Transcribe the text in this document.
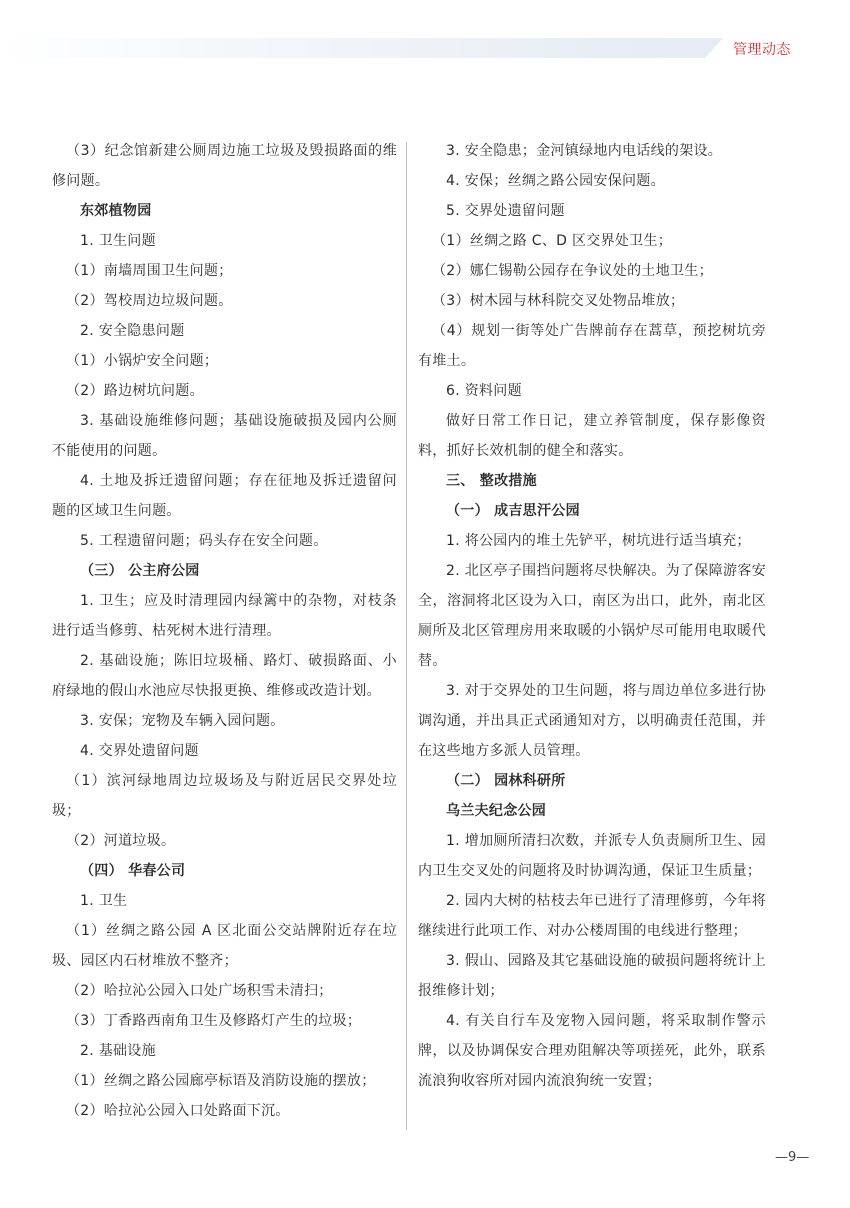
管理动态

（3）纪念馆新建公厕周边施工垃圾及毁损路面的维修问题。

东郊植物园

1. 卫生问题

（1）南墙周围卫生问题；

（2）驾校周边垃圾问题。

2. 安全隐患问题

（1）小锅炉安全问题；

（2）路边树坑问题。

3. 基础设施维修问题；基础设施破损及园内公厕不能使用的问题。

4. 土地及拆迁遗留问题；存在征地及拆迁遗留问题的区域卫生问题。

5. 工程遗留问题；码头存在安全问题。

（三） 公主府公园

1. 卫生；应及时清理园内绿篱中的杂物，对枝条进行适当修剪、枯死树木进行清理。

2. 基础设施；陈旧垃圾桶、路灯、破损路面、小府绿地的假山水池应尽快报更换、维修或改造计划。

3. 安保；宠物及车辆入园问题。

4. 交界处遗留问题

（1）滨河绿地周边垃圾场及与附近居民交界处垃圾；

（2）河道垃圾。

（四） 华春公司

1. 卫生

（1）丝绸之路公园 A 区北面公交站牌附近存在垃圾、园区内石材堆放不整齐；

（2）哈拉沁公园入口处广场积雪未清扫；

（3）丁香路西南角卫生及修路灯产生的垃圾；

2. 基础设施

（1）丝绸之路公园廊亭标语及消防设施的摆放；

（2）哈拉沁公园入口处路面下沉。

3. 安全隐患；金河镇绿地内电话线的架设。

4. 安保；丝绸之路公园安保问题。

5. 交界处遗留问题

（1）丝绸之路 C、D 区交界处卫生；

（2）娜仁锡勒公园存在争议处的土地卫生；

（3）树木园与林科院交叉处物品堆放；

（4）规划一街等处广告牌前存在蒿草，预挖树坑旁有堆土。

6. 资料问题

做好日常工作日记，建立养管制度，保存影像资料，抓好长效机制的健全和落实。

三、 整改措施

（一） 成吉思汗公园

1. 将公园内的堆土先铲平，树坑进行适当填充；

2. 北区亭子围挡问题将尽快解决。为了保障游客安全，溶洞将北区设为入口，南区为出口，此外，南北区厕所及北区管理房用来取暖的小锅炉尽可能用电取暖代替。

3. 对于交界处的卫生问题，将与周边单位多进行协调沟通，并出具正式函通知对方，以明确责任范围，并在这些地方多派人员管理。

（二） 园林科研所

乌兰夫纪念公园

1. 增加厕所清扫次数，并派专人负责厕所卫生、园内卫生交叉处的问题将及时协调沟通，保证卫生质量；

2. 园内大树的枯枝去年已进行了清理修剪，今年将继续进行此项工作、对办公楼周围的电线进行整理；

3. 假山、园路及其它基础设施的破损问题将统计上报维修计划；

4. 有关自行车及宠物入园问题，将采取制作警示牌，以及协调保安合理劝阻解决等项搓死，此外，联系流浪狗收容所对园内流浪狗统一安置；

—9—
